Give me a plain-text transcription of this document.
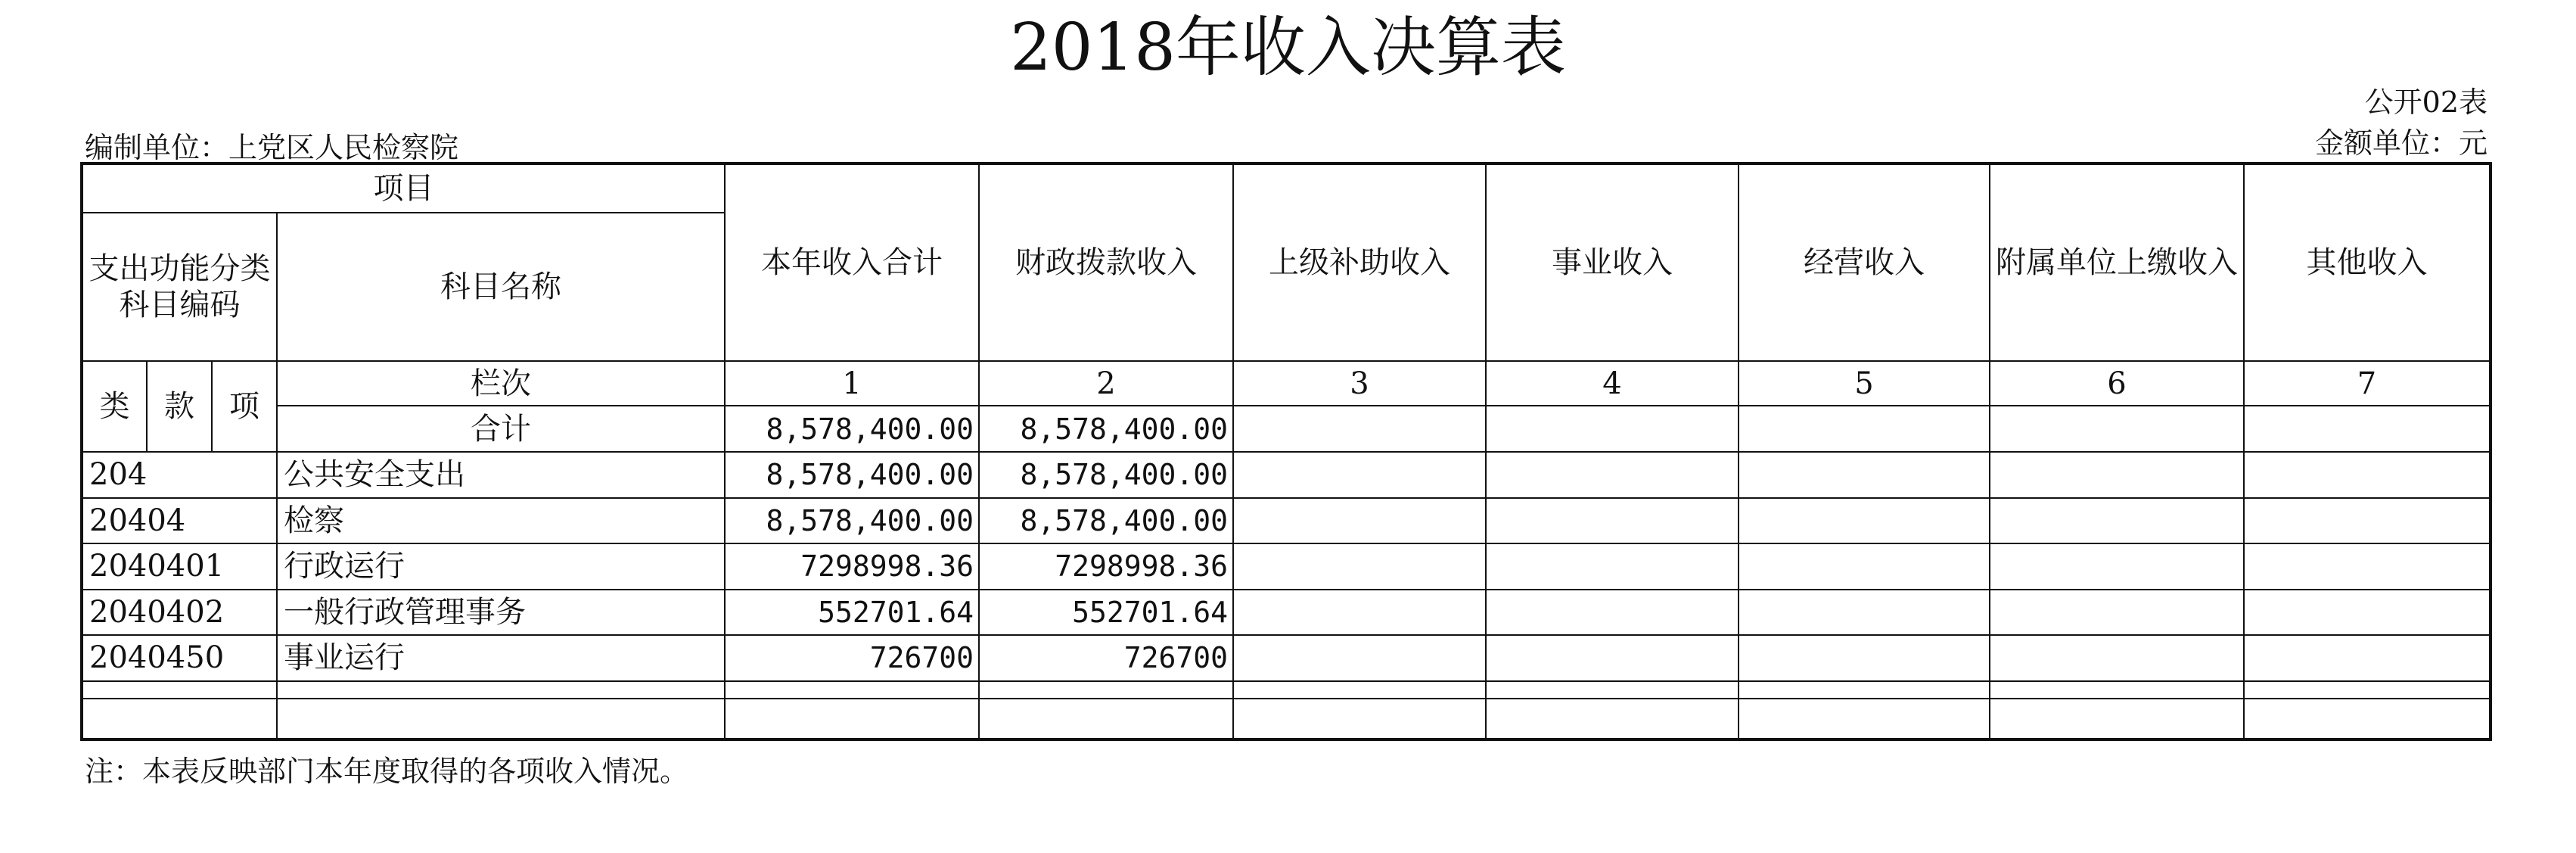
2018年收入决算表
公开02表
金额单位：元
编制单位：上党区人民检察院
项目				本年收入合计	财政拨款收入	上级补助收入	事业收入	经营收入	附属单位上缴收入	其他收入
支出功能分类科目编码			科目名称							
类	款	项	栏次	1	2	3	4	5	6	7
			合计	8,578,400.00	8,578,400.00					
204			公共安全支出	8,578,400.00	8,578,400.00					
20404			检察	8,578,400.00	8,578,400.00					
2040401			行政运行	7298998.36	7298998.36					
2040402			一般行政管理事务	552701.64	552701.64					
2040450			事业运行	726700	726700					

注：本表反映部门本年度取得的各项收入情况。
